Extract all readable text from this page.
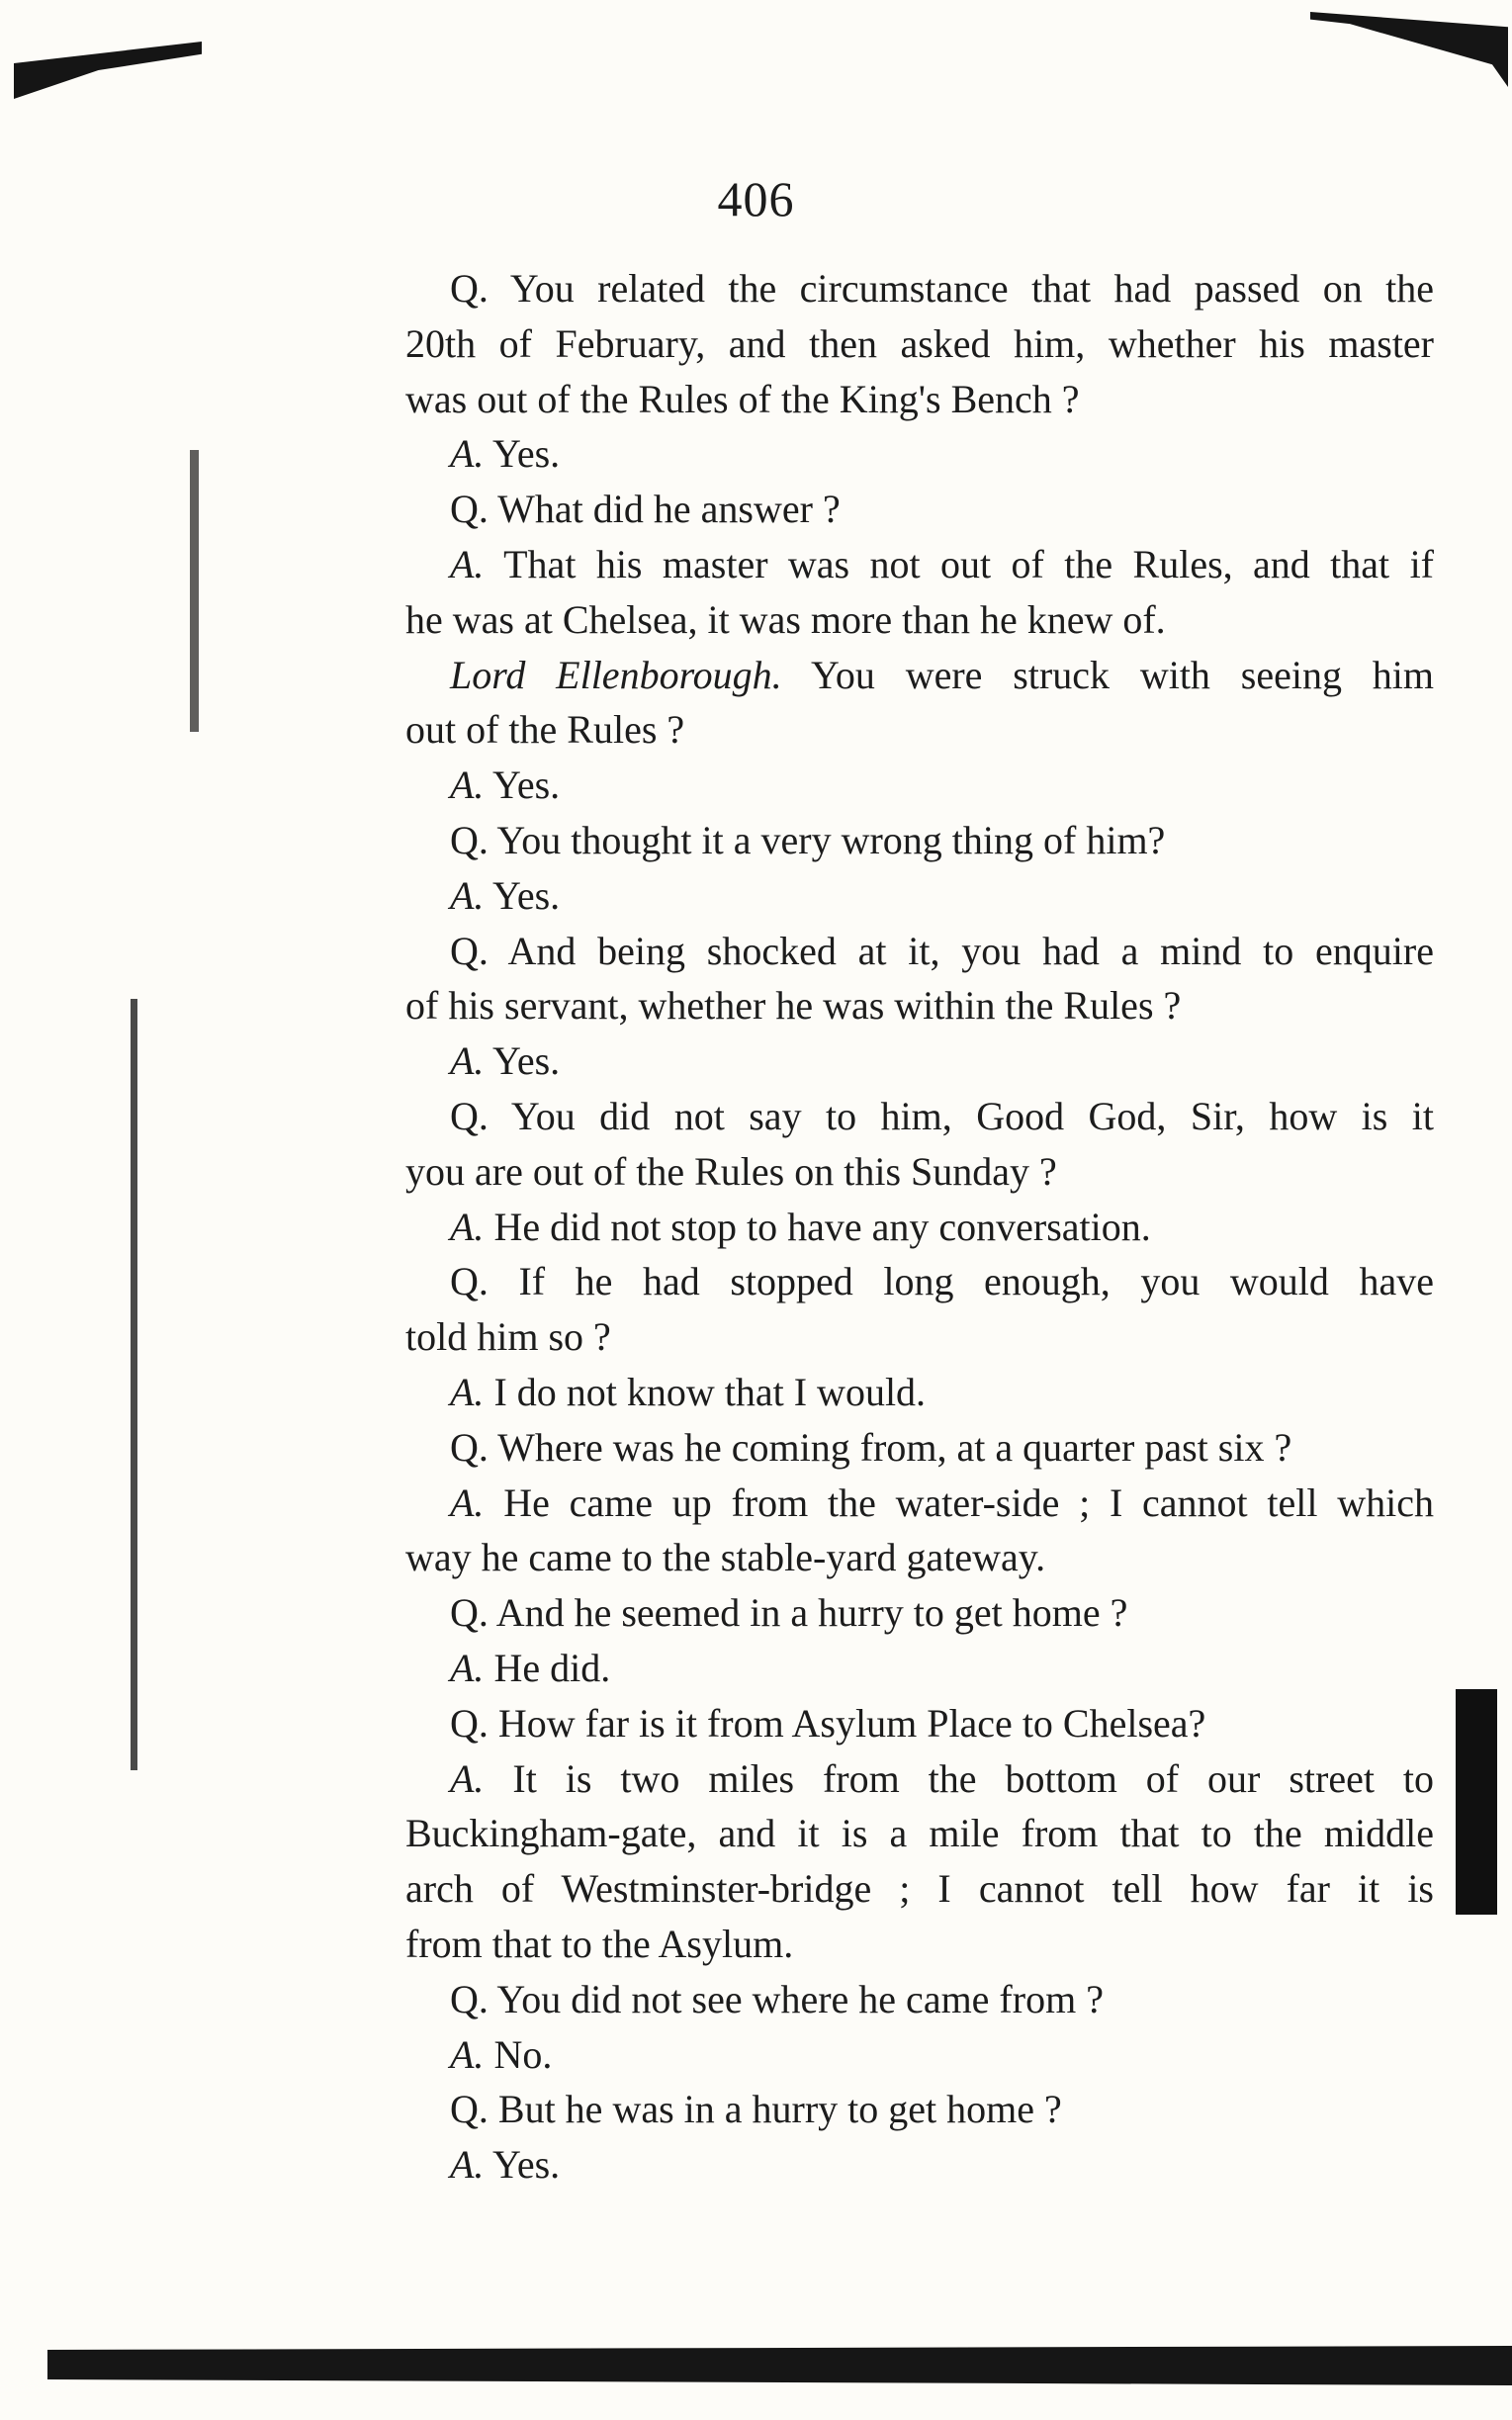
406
Q. You related the circumstance that had passed on the
20th of February, and then asked him, whether his master
was out of the Rules of the King's Bench ?
A. Yes.
Q. What did he answer ?
A. That his master was not out of the Rules, and that if
he was at Chelsea, it was more than he knew of.
Lord Ellenborough. You were struck with seeing him
out of the Rules ?
A. Yes.
Q. You thought it a very wrong thing of him?
A. Yes.
Q. And being shocked at it, you had a mind to enquire
of his servant, whether he was within the Rules ?
A. Yes.
Q. You did not say to him, Good God, Sir, how is it
you are out of the Rules on this Sunday ?
A. He did not stop to have any conversation.
Q. If he had stopped long enough, you would have
told him so ?
A. I do not know that I would.
Q. Where was he coming from, at a quarter past six ?
A. He came up from the water-side ; I cannot tell which
way he came to the stable-yard gateway.
Q. And he seemed in a hurry to get home ?
A. He did.
Q. How far is it from Asylum Place to Chelsea?
A. It is two miles from the bottom of our street to
Buckingham-gate, and it is a mile from that to the middle
arch of Westminster-bridge ; I cannot tell how far it is
from that to the Asylum.
Q. You did not see where he came from ?
A. No.
Q. But he was in a hurry to get home ?
A. Yes.
